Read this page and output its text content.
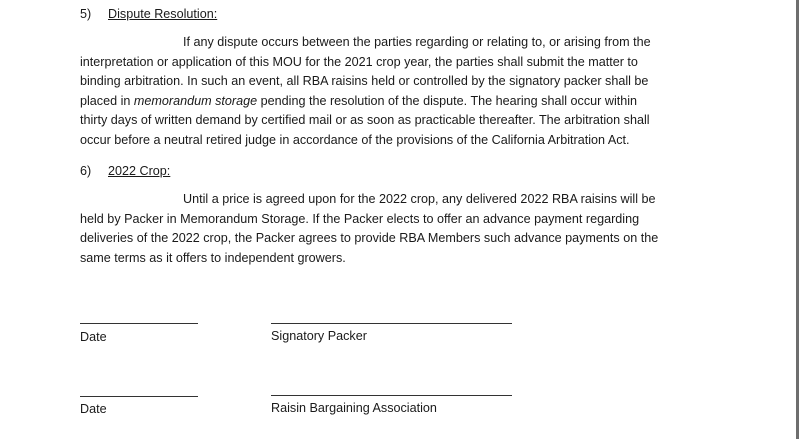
5) Dispute Resolution:
If any dispute occurs between the parties regarding or relating to, or arising from the
interpretation or application of this MOU for the 2021 crop year, the parties shall submit the matter to
binding arbitration. In such an event, all RBA raisins held or controlled by the signatory packer shall be
placed in memorandum storage pending the resolution of the dispute. The hearing shall occur within
thirty days of written demand by certified mail or as soon as practicable thereafter. The arbitration shall
occur before a neutral retired judge in accordance of the provisions of the California Arbitration Act.
6) 2022 Crop:
Until a price is agreed upon for the 2022 crop, any delivered 2022 RBA raisins will be
held by Packer in Memorandum Storage. If the Packer elects to offer an advance payment regarding
deliveries of the 2022 crop, the Packer agrees to provide RBA Members such advance payments on the
same terms as it offers to independent growers.
Date	Signatory Packer
Date	Raisin Bargaining Association
